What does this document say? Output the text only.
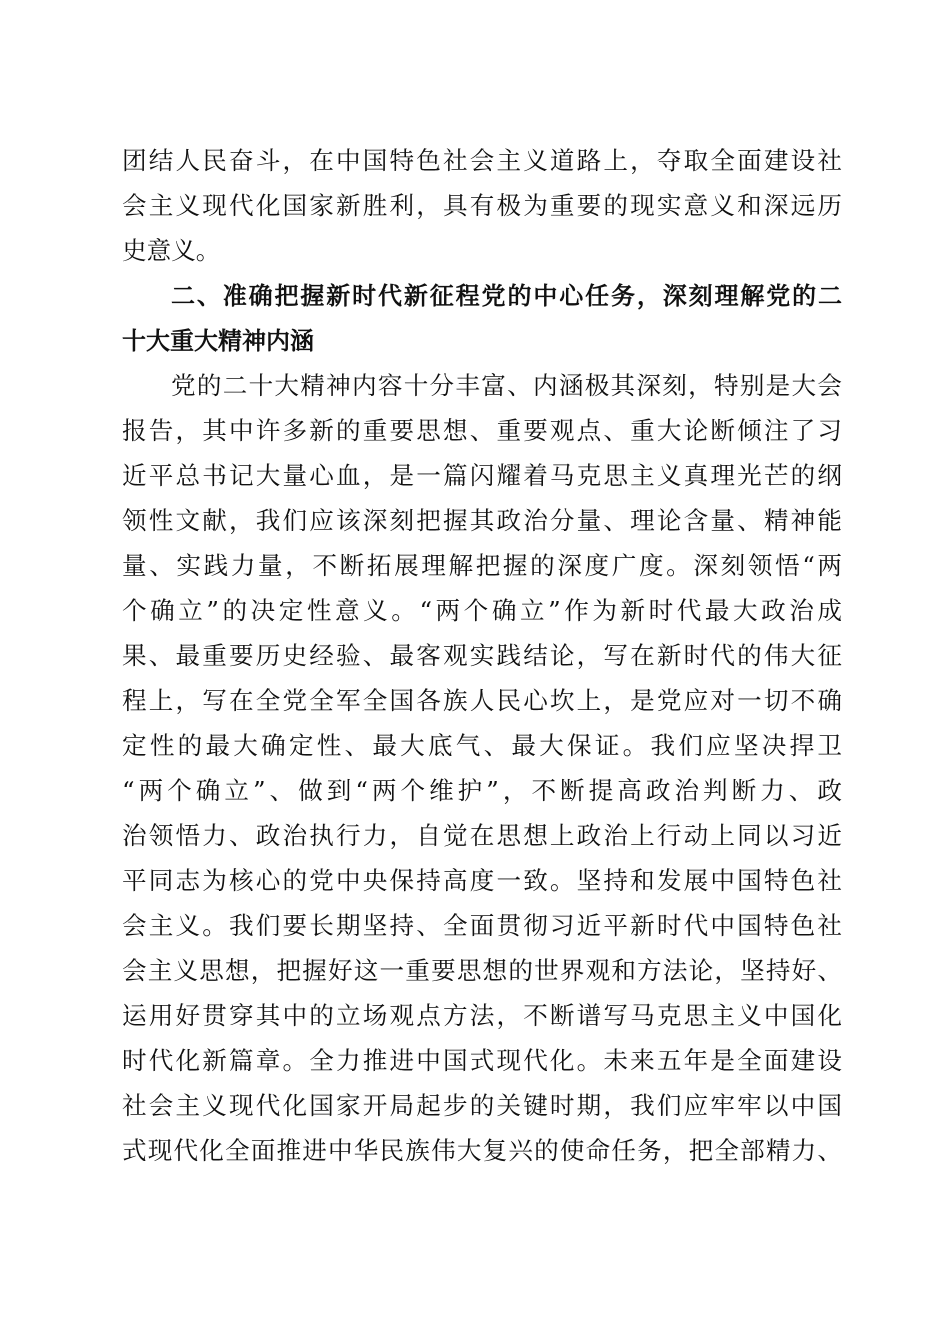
团结人民奋斗，在中国特色社会主义道路上，夺取全面建设社
会主义现代化国家新胜利，具有极为重要的现实意义和深远历
史意义。
二、准确把握新时代新征程党的中心任务，深刻理解党的二
十大重大精神内涵
党的二十大精神内容十分丰富、内涵极其深刻，特别是大会
报告，其中许多新的重要思想、重要观点、重大论断倾注了习
近平总书记大量心血，是一篇闪耀着马克思主义真理光芒的纲
领性文献，我们应该深刻把握其政治分量、理论含量、精神能
量、实践力量，不断拓展理解把握的深度广度。深刻领悟“两
个确立”的决定性意义。“两个确立”作为新时代最大政治成
果、最重要历史经验、最客观实践结论，写在新时代的伟大征
程上，写在全党全军全国各族人民心坎上，是党应对一切不确
定性的最大确定性、最大底气、最大保证。我们应坚决捍卫
“两个确立”、做到“两个维护”，不断提高政治判断力、政
治领悟力、政治执行力，自觉在思想上政治上行动上同以习近
平同志为核心的党中央保持高度一致。坚持和发展中国特色社
会主义。我们要长期坚持、全面贯彻习近平新时代中国特色社
会主义思想，把握好这一重要思想的世界观和方法论，坚持好、
运用好贯穿其中的立场观点方法，不断谱写马克思主义中国化
时代化新篇章。全力推进中国式现代化。未来五年是全面建设
社会主义现代化国家开局起步的关键时期，我们应牢牢以中国
式现代化全面推进中华民族伟大复兴的使命任务，把全部精力、
